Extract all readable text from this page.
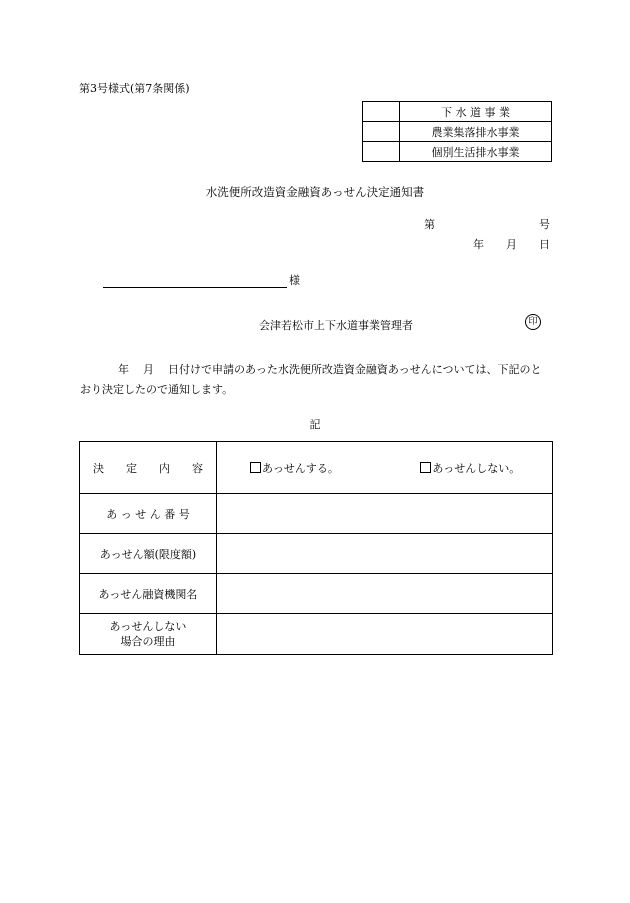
第3号様式(第7条関係)
	下 水 道 事 業
	農業集落排水事業
	個別生活排水事業
水洗便所改造資金融資あっせん決定通知書
第	号
年 月 日
様
会津若松市上下水道事業管理者	印
年 月 日付けで申請のあった水洗便所改造資金融資あっせんについては、下記のとおり決定したので通知します。
記
決　　定　　内　　容	あっせんする。 あっせんしない。
あ っ せ ん 番 号	
あっせん額(限度額)	
あっせん融資機関名	

あっせんしない
場合の理由	
